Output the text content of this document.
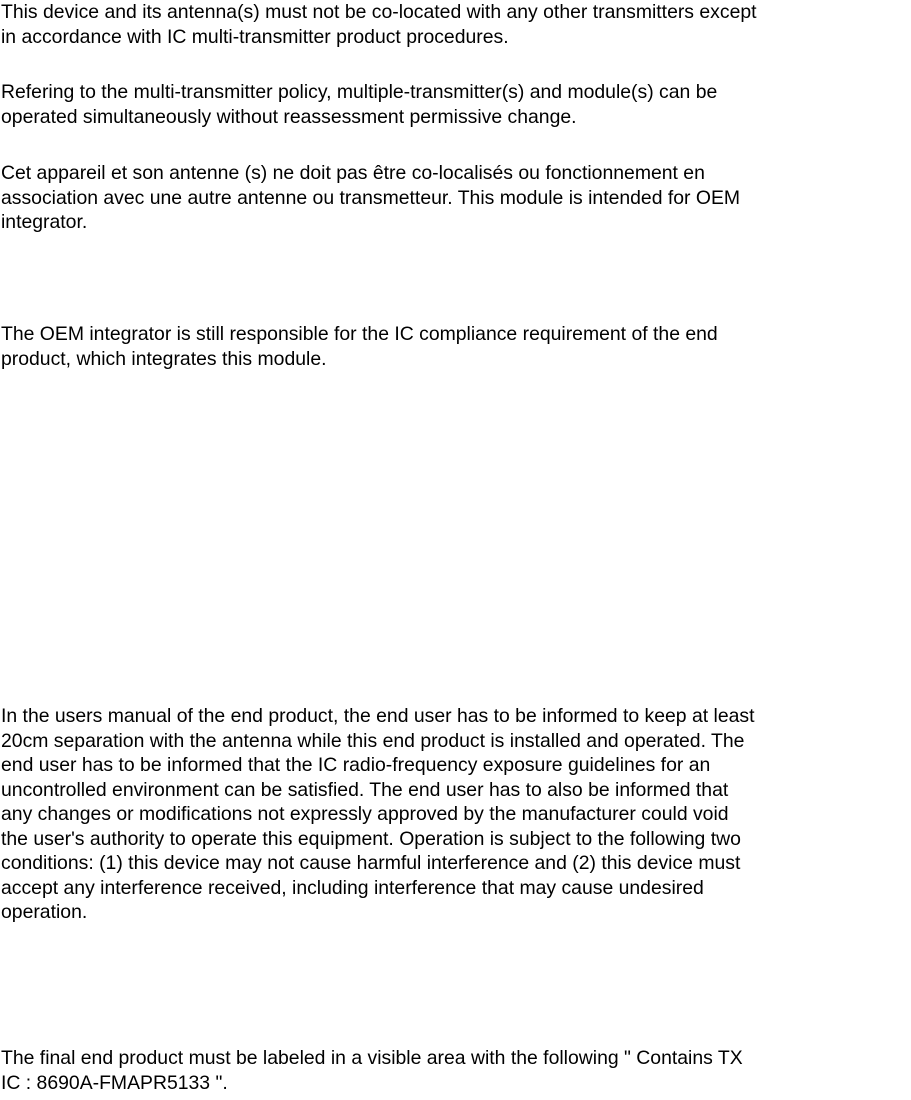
This device and its antenna(s) must not be co-located with any other transmitters except
in accordance with IC multi-transmitter product procedures.

Refering to the multi-transmitter policy, multiple-transmitter(s) and module(s) can be
operated simultaneously without reassessment permissive change.

Cet appareil et son antenne (s) ne doit pas être co-localisés ou fonctionnement en
association avec une autre antenne ou transmetteur. This module is intended for OEM
integrator.

The OEM integrator is still responsible for the IC compliance requirement of the end
product, which integrates this module.

In the users manual of the end product, the end user has to be informed to keep at least
20cm separation with the antenna while this end product is installed and operated. The
end user has to be informed that the IC radio-frequency exposure guidelines for an
uncontrolled environment can be satisfied. The end user has to also be informed that
any changes or modifications not expressly approved by the manufacturer could void
the user's authority to operate this equipment. Operation is subject to the following two
conditions: (1) this device may not cause harmful interference and (2) this device must
accept any interference received, including interference that may cause undesired
operation.

The final end product must be labeled in a visible area with the following " Contains TX
IC : 8690A-FMAPR5133 ".
